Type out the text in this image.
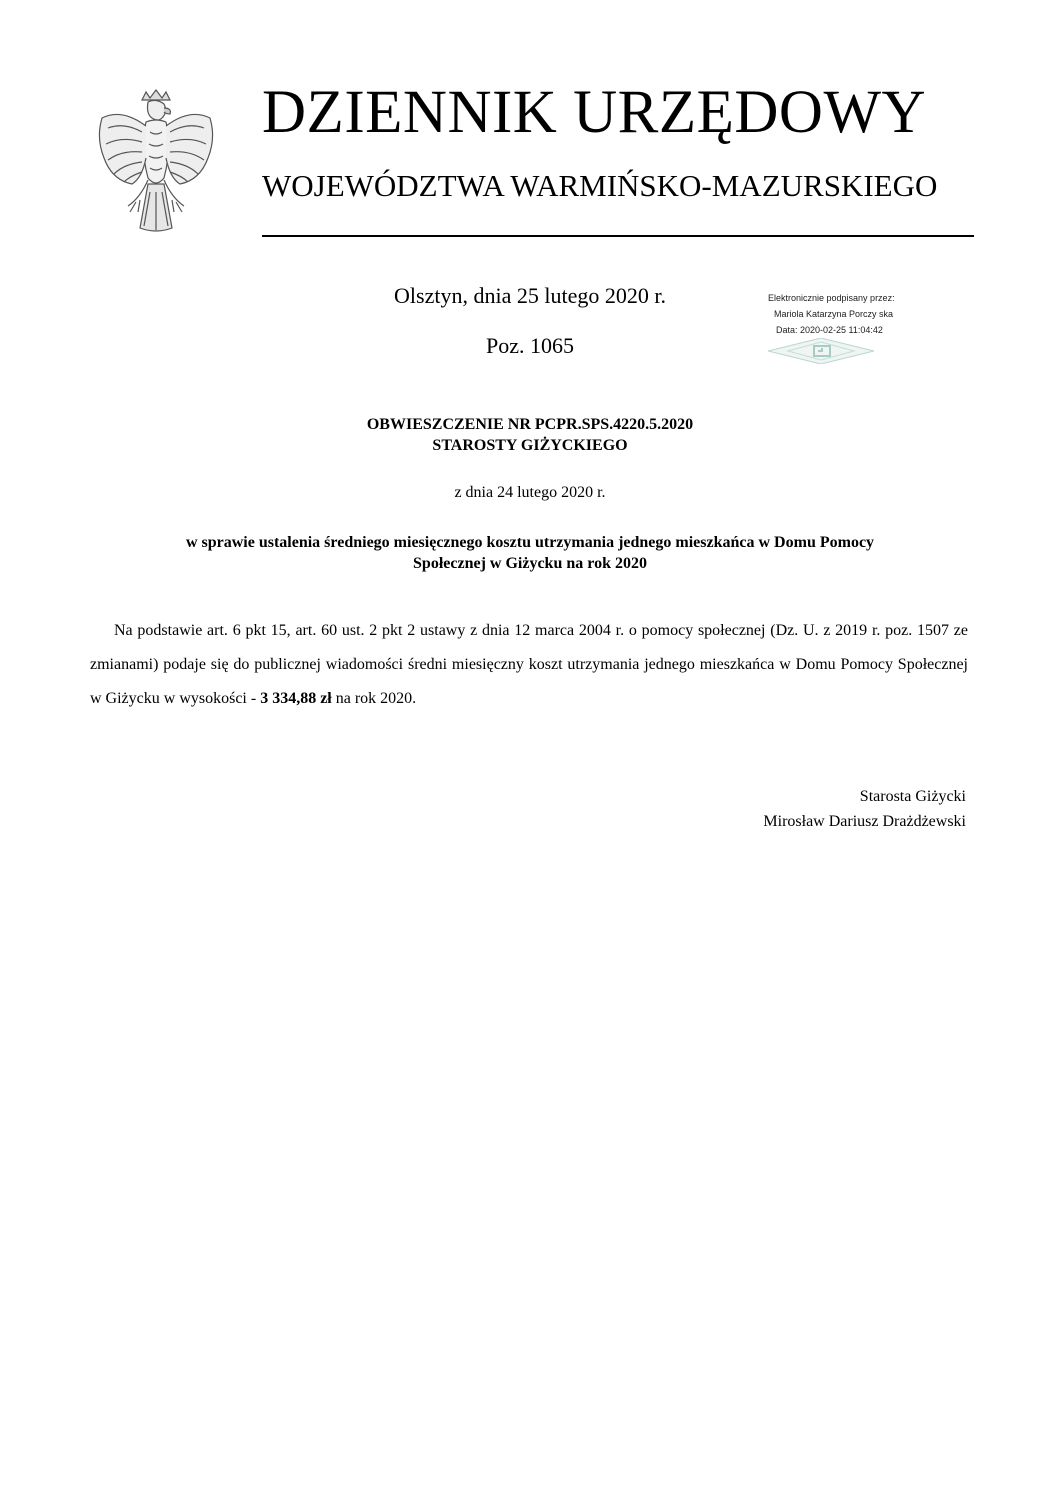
DZIENNIK URZĘDOWY
WOJEWÓDZTWA WARMIŃSKO-MAZURSKIEGO
Olsztyn, dnia 25 lutego 2020 r.
Poz. 1065
Elektronicznie podpisany przez:
Mariola Katarzyna Porczy ska
Data: 2020-02-25 11:04:42
OBWIESZCZENIE NR PCPR.SPS.4220.5.2020
STAROSTY GIŻYCKIEGO
z dnia 24 lutego 2020 r.
w sprawie ustalenia średniego miesięcznego kosztu utrzymania jednego mieszkańca w Domu Pomocy
Społecznej w Giżycku na rok 2020
Na podstawie art. 6 pkt 15, art. 60 ust. 2 pkt 2 ustawy z dnia 12 marca 2004 r. o pomocy społecznej (Dz. U. z 2019 r. poz. 1507 ze zmianami) podaje się do publicznej wiadomości średni miesięczny koszt utrzymania jednego mieszkańca w Domu Pomocy Społecznej w Giżycku w wysokości - 3 334,88 zł na rok 2020.
Starosta Giżycki
Mirosław Dariusz Drażdżewski
